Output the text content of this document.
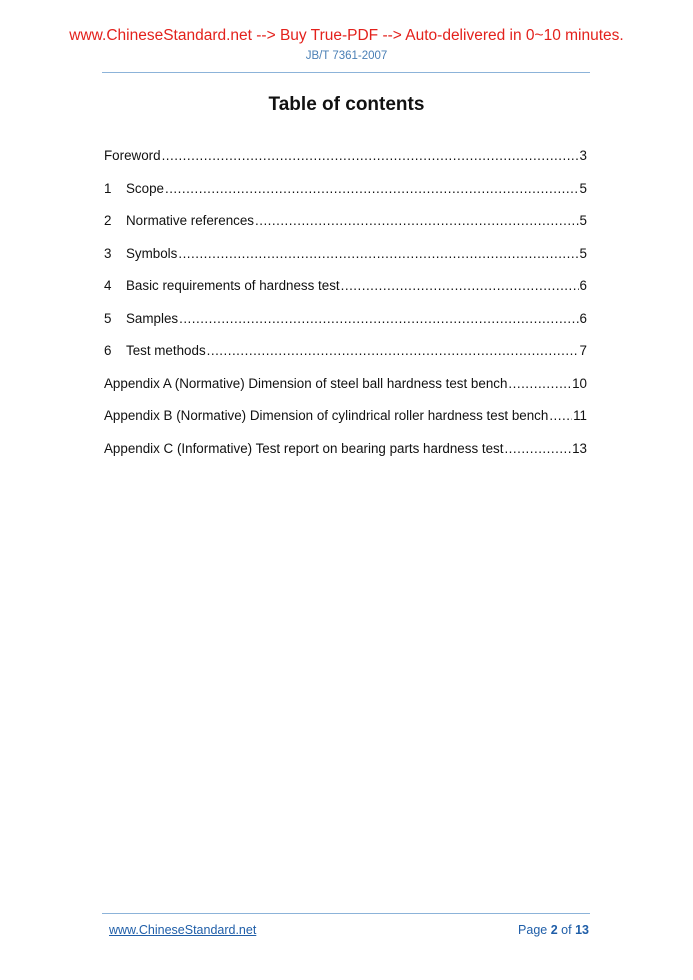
www.ChineseStandard.net --> Buy True-PDF --> Auto-delivered in 0~10 minutes.
JB/T 7361-2007
Table of contents
Foreword .....	3
1	Scope .....	5
2	Normative references .....	5
3	Symbols .....	5
4	Basic requirements of hardness test .....	6
5	Samples .....	6
6	Test methods .....	7
Appendix A (Normative) Dimension of steel ball hardness test bench .....	10
Appendix B (Normative) Dimension of cylindrical roller hardness test bench ..... 11
Appendix C (Informative) Test report on bearing parts hardness test .....	13
www.ChineseStandard.net	Page 2 of 13
